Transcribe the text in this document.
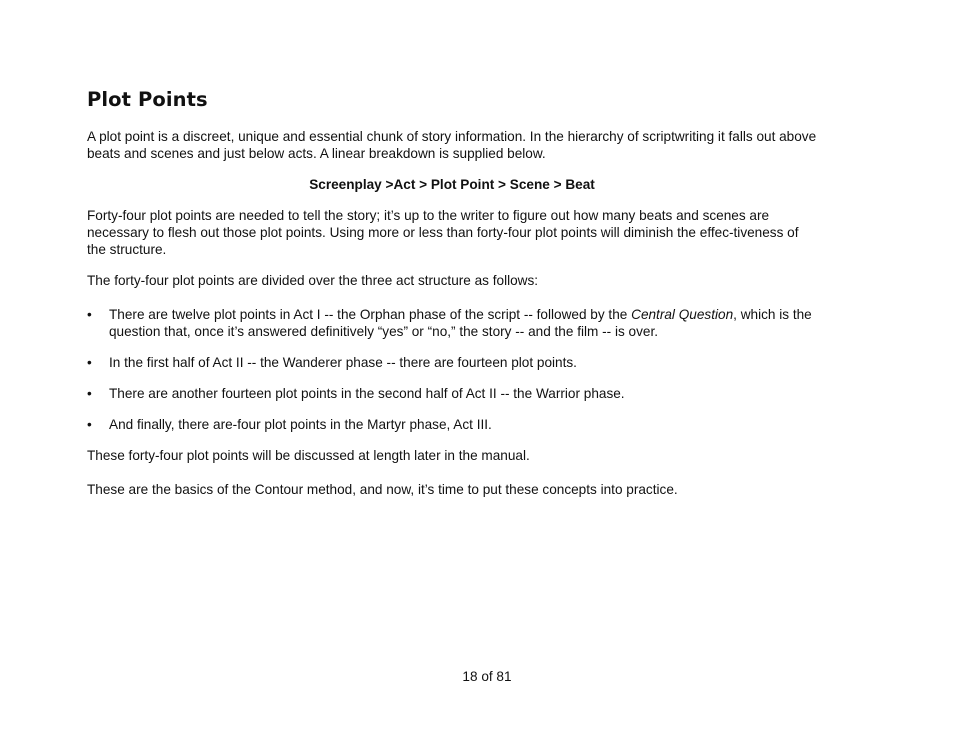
Plot Points

A plot point is a discreet, unique and essential chunk of story information. In the hierarchy of scriptwriting it falls out above beats and scenes and just below acts. A linear breakdown is supplied below.

Screenplay >Act > Plot Point > Scene > Beat

Forty-four plot points are needed to tell the story; it’s up to the writer to figure out how many beats and scenes are necessary to flesh out those plot points. Using more or less than forty-four plot points will diminish the effec-tiveness of the structure.

The forty-four plot points are divided over the three act structure as follows:

• There are twelve plot points in Act I -- the Orphan phase of the script -- followed by the Central Question, which is the question that, once it’s answered definitively “yes” or “no,” the story -- and the film -- is over.
• In the first half of Act II -- the Wanderer phase -- there are fourteen plot points.
• There are another fourteen plot points in the second half of Act II -- the Warrior phase.
• And finally, there are-four plot points in the Martyr phase, Act III.

These forty-four plot points will be discussed at length later in the manual.

These are the basics of the Contour method, and now, it’s time to put these concepts into practice.

18 of 81
